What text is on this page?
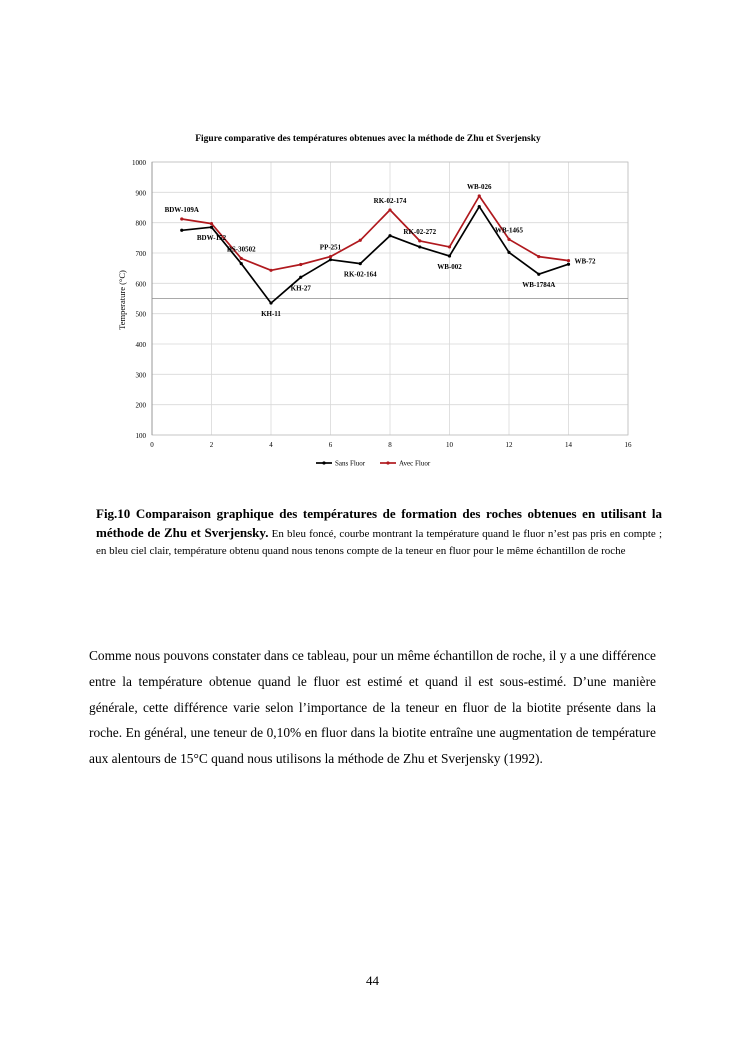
Figure comparative des températures obtenues avec la méthode de Zhu et Sverjensky
Temperature (°C)
100
200
300
400
500
600
700
800
900
1000
0	2	4	6	8	10	12	14	16
BDW-109A
BDW-152
DS-30502
KH-11
KH-27
PP-251
RK-02-164
RK-02-174
RK-02-272
WB-002
WB-026
WB-1465
WB-1784A
WB-72
Sans Fluor	Avec Fluor
Fig.10 Comparaison graphique des températures de formation des roches obtenues en utilisant la méthode de Zhu et Sverjensky. En bleu foncé, courbe montrant la température quand le fluor n’est pas pris en compte ; en bleu ciel clair, température obtenu quand nous tenons compte de la teneur en fluor pour le même échantillon de roche
Comme nous pouvons constater dans ce tableau, pour un même échantillon de roche, il y a une différence entre la température obtenue quand le fluor est estimé et quand il est sous-estimé. D’une manière générale, cette différence varie selon l’importance de la teneur en fluor de la biotite présente dans la roche. En général, une teneur de 0,10% en fluor dans la biotite entraîne une augmentation de température aux alentours de 15°C quand nous utilisons la méthode de Zhu et Sverjensky (1992).
44
